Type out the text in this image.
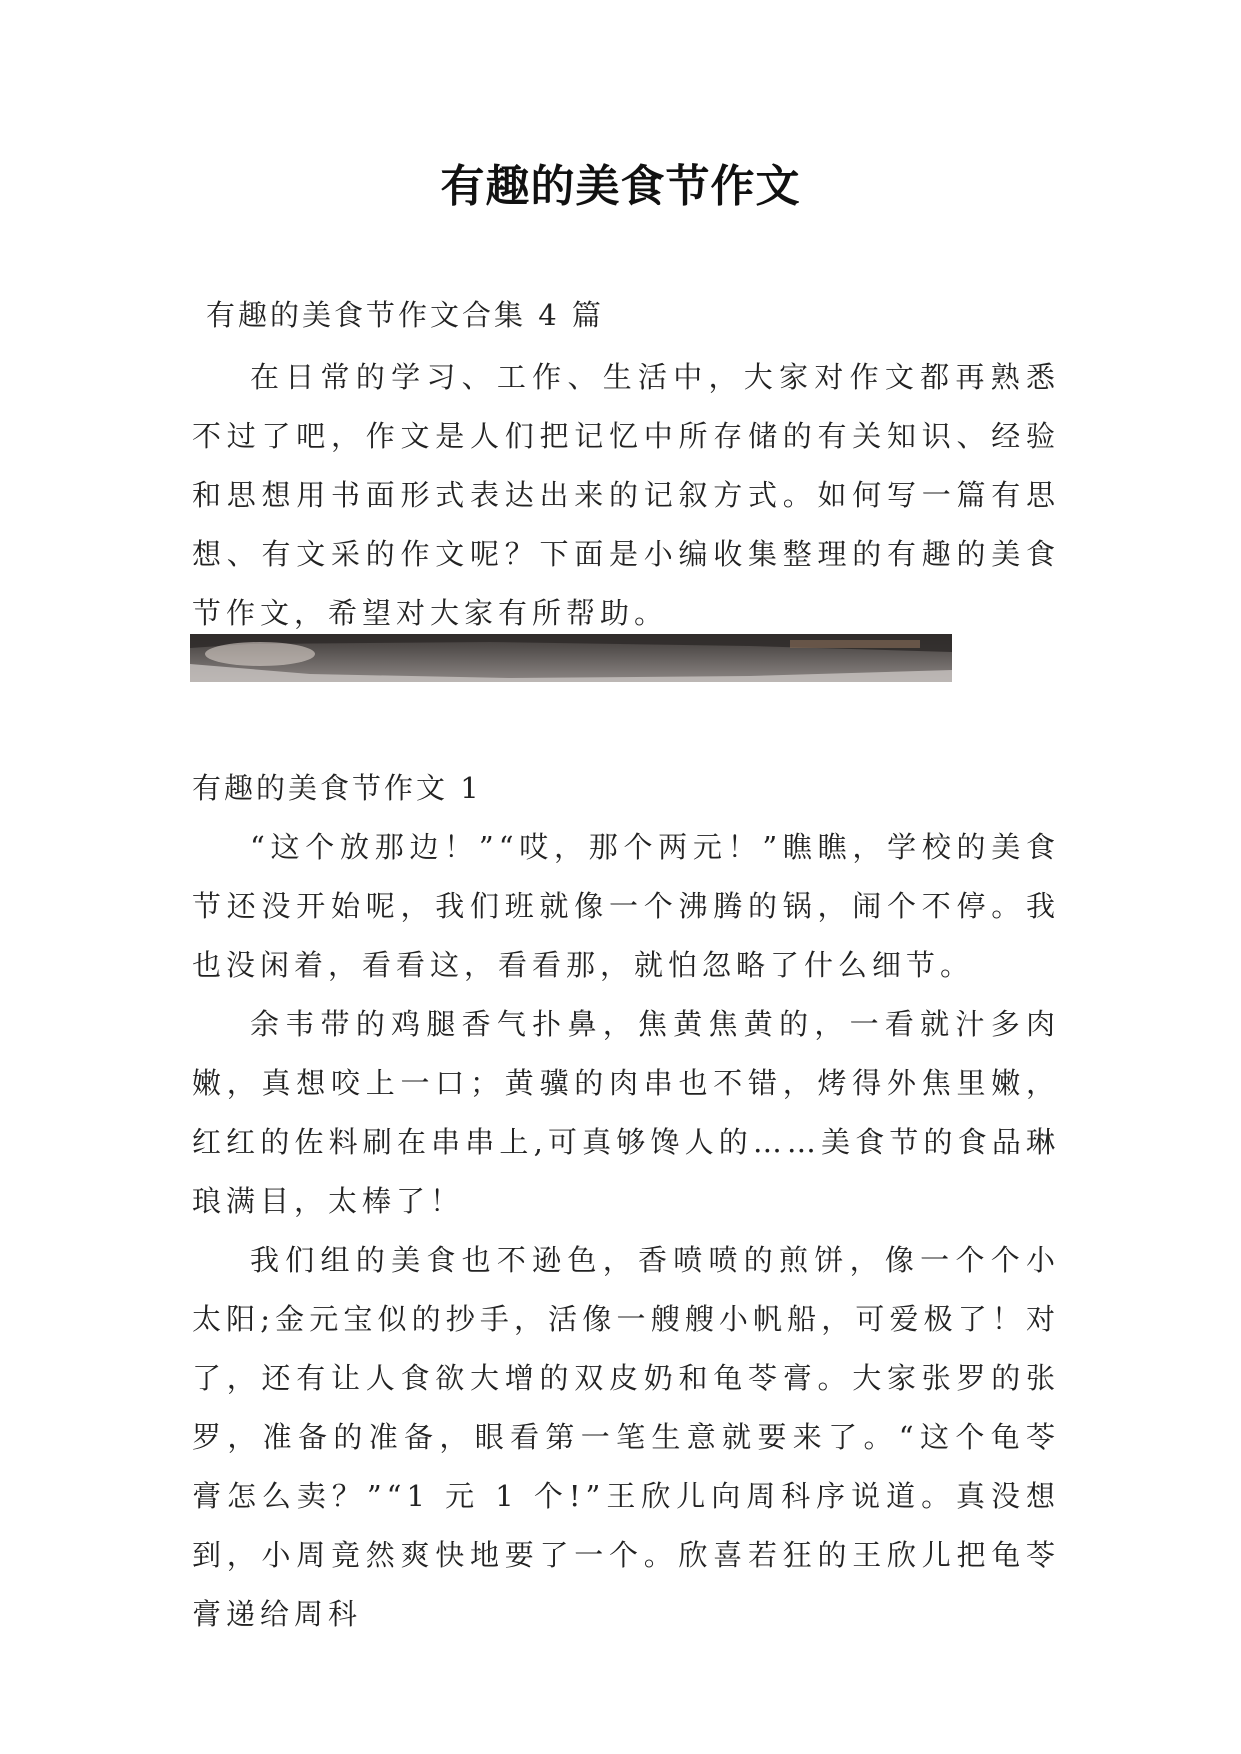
有趣的美食节作文
有趣的美食节作文合集 4 篇

在日常的学习、工作、生活中，大家对作文都再熟悉不过了吧，作文是人们把记忆中所存储的有关知识、经验和思想用书面形式表达出来的记叙方式。如何写一篇有思想、有文采的作文呢？下面是小编收集整理的有趣的美食节作文，希望对大家有所帮助。

有趣的美食节作文 1

“这个放那边！”“哎，那个两元！”瞧瞧，学校的美食节还没开始呢，我们班就像一个沸腾的锅，闹个不停。我也没闲着，看看这，看看那，就怕忽略了什么细节。

余韦带的鸡腿香气扑鼻，焦黄焦黄的，一看就汁多肉嫩，真想咬上一口；黄骥的肉串也不错，烤得外焦里嫩，红红的佐料刷在串串上,可真够馋人的……美食节的食品琳琅满目，太棒了！

我们组的美食也不逊色，香喷喷的煎饼，像一个个小太阳;金元宝似的抄手，活像一艘艘小帆船，可爱极了！对了，还有让人食欲大增的双皮奶和龟苓膏。大家张罗的张罗，准备的准备，眼看第一笔生意就要来了。“这个龟苓膏怎么卖？”“1 元 1 个!”王欣儿向周科序说道。真没想到，小周竟然爽快地要了一个。欣喜若狂的王欣儿把龟苓膏递给周科
